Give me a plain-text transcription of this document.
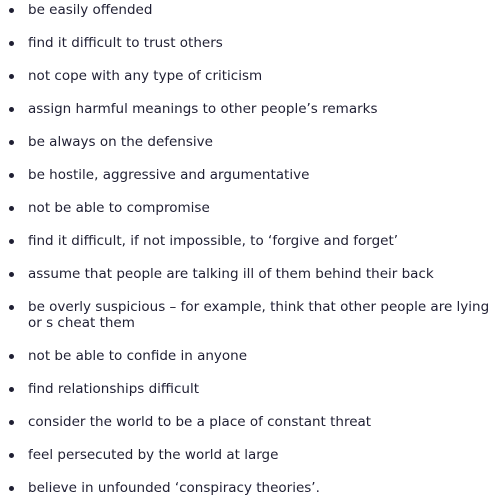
be easily offended
find it difficult to trust others
not cope with any type of criticism
assign harmful meanings to other people’s remarks
be always on the defensive
be hostile, aggressive and argumentative
not be able to compromise
find it difficult, if not impossible, to ‘forgive and forget’
assume that people are talking ill of them behind their back
be overly suspicious – for example, think that other people are lying or s cheat them
not be able to confide in anyone
find relationships difficult
consider the world to be a place of constant threat
feel persecuted by the world at large
believe in unfounded ‘conspiracy theories’.
